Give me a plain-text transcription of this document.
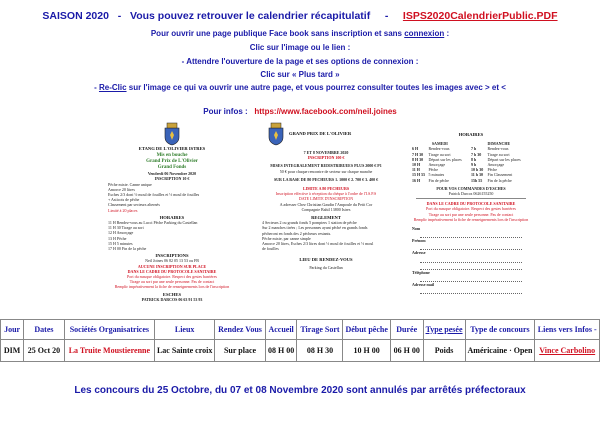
SAISON 2020 - Vous pouvez retrouver le calendrier récapitulatif - ISPS2020CalendrierPublic.PDF
Pour ouvrir une page publique Face book sans inscription et sans connexion :
Clic sur l'image ou le lien :
- Attendre l'ouverture de la page et ses options de connexion :
Clic sur « Plus tard »
- Re-Clic sur l'image ce qui va ouvrir une autre page, et vous pourrez consulter toutes les images avec > et <
Pour infos : https://www.facebook.com/neil.joines
ETANG DE L'OLIVIER ISTRES
Mis en bouche
Grand Prix de L'Olivier
Grand Fonds
Vendredi 06 Novembre 2020
INSCRIPTION 10 €
Pêche mixte. Canne unique
Amorce 20 litres
Esches 2/3 dont ½ moul de fouilles et ½ moul de fouilles
+ Asticots de pêche
Classement par secteurs alternés
Limité à 20 places
HORAIRES
11 H Rendez-vous au Lucci Pêche Parking du Castellan
11 H 30 Tirage au sort
12 H Amorçage
13 H Pêche
15 H 5 minutes
17 H 00 Fin de la pêche
INSCRIPTIONS
Neil Joines 06 82 05 13 53 ou FB
AUCUNE INSCRIPTION SUR PLACE
DANS LE CADRE DU PROTOCOLE SANITAIRE
Port du masque obligatoire. Respect des gestes barrières
Tirage au sort par une seule personne. Pas de contact
Remplir impérativement la fiche de renseignements lors de l'inscription
ESCHES
PATRICK DARCOS 06 63 91 53 93
GRAND PRIX DE L'OLIVIER
7 ET 8 NOVEMBRE 2020
INSCRIPTION 100 €
MISES INTEGRALEMENT REDISTRIBUEES PLUS 2000 € P1
50 € pour chaque rencontre de secteur sur chaque manche
SUR LA BASE DE 80 PECHEURS 1. 1000 € 2. 700 € 3. 400 €
LIMITE A 80 PECHEURS
Inscription effective à réception du chèque à l'ordre de l'I.S.P.S
DATE LIMITE D'INSCRIPTION
A adresser Chez Christian Gaudin l'Ampoule du Petit Cor
Compagnie Bahil 13800 Istres
REGLEMENT
4 Secteurs 2 ou grands fonds 5 pompiers 1 station de pêche
Sur 2 manches tirées ; Les personnes ayant pêché en grands fonds
pêcheront en fonds des 2 pécheurs restants.
Pêche mixte, par canne simple
Amorce 20 litres, Esches 2/3 litres dont ½ moul de fouilles et ½ moul
de fouilles
LIEU DE RENDEZ-VOUS
Parking du Castellan
HORAIRES
SAMEDI	DIMANCHE
6 H	Rendez-vous	7 h	Rendez-vous
7 H 30	Tirage au sort	7 h 30	Tirage au sort
8 H 30	Départ sur les places	8 h	Départ sur les places
10 H	Amorçage	9 h	Amorçage
11 H	Pêche	10 h 30	Pêche
15 H 55 5 minutes	11 h 30	Fin Classement
16 H	Fin de pêche	15h 55	Fin de la pêche
POUR VOS COMMANDES D'ESCHES
Patrick Darcos 0626155250
DANS LE CADRE DU PROTOCOLE SANITAIRE
Port du masque obligatoire. Respect des gestes barrières
Tirage au sort par une seule personne. Pas de contact
Remplir impérativement la fiche de renseignements lors de l'inscription
Nom
Prénom
Adresse
Téléphone
Adresse mail
Jour	Dates	Sociétés Organisatrices	Lieux	Rendez Vous	Accueil	Tirage Sort	Début pêche	Durée	Type pesée	Type de concours	Liens vers Infos -
DIM	25 Oct 20	La Truite Moustierenne	Lac Sainte croix	Sur place	08 H 00	08 H 30	10 H 00	06 H 00	Poids	Américaine · Open	Vince Carbolino
Les concours du 25 Octobre, du 07 et 08 Novembre 2020 sont annulés par arrêtés préfectoraux
